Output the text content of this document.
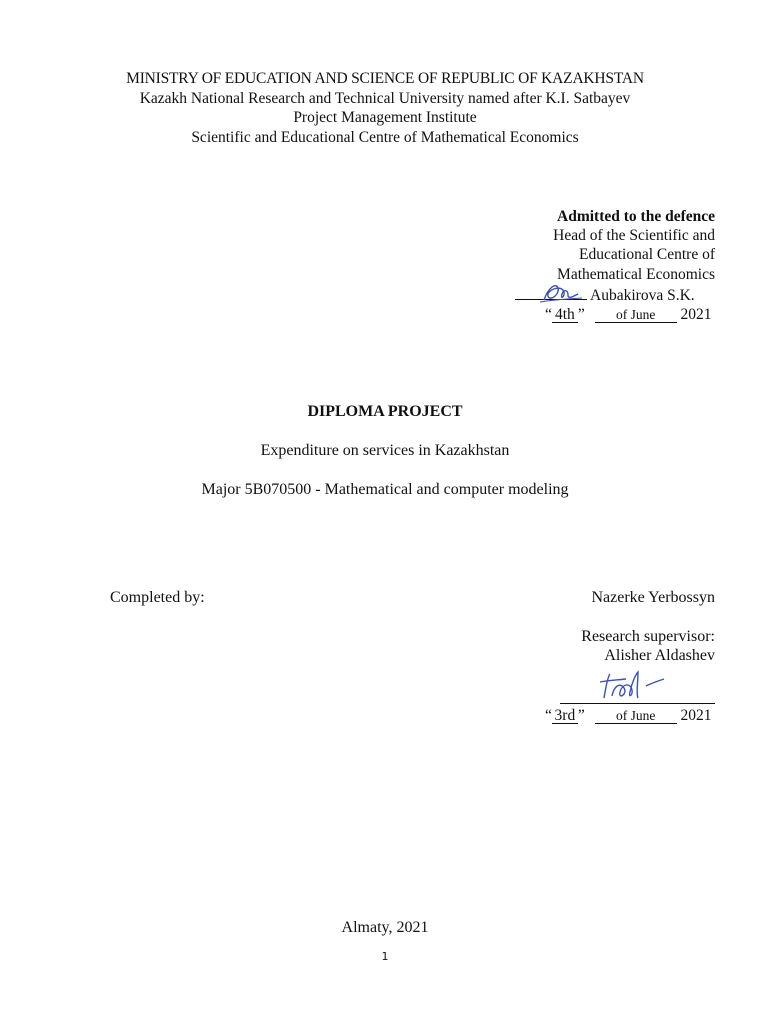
MINISTRY OF EDUCATION AND SCIENCE OF REPUBLIC OF KAZAKHSTAN
Kazakh National Research and Technical University named after K.I. Satbayev
Project Management Institute
Scientific and Educational Centre of Mathematical Economics
Admitted to the defence
Head of the Scientific and
Educational Centre of
Mathematical Economics
Aubakirova S.K.
“ 4th ” of June 2021
DIPLOMA PROJECT
Expenditure on services in Kazakhstan
Major 5B070500 - Mathematical and computer modeling
Completed by:	Nazerke Yerbossyn
Research supervisor:
Alisher Aldashev
“ 3rd ” of June 2021
Almaty, 2021
1
